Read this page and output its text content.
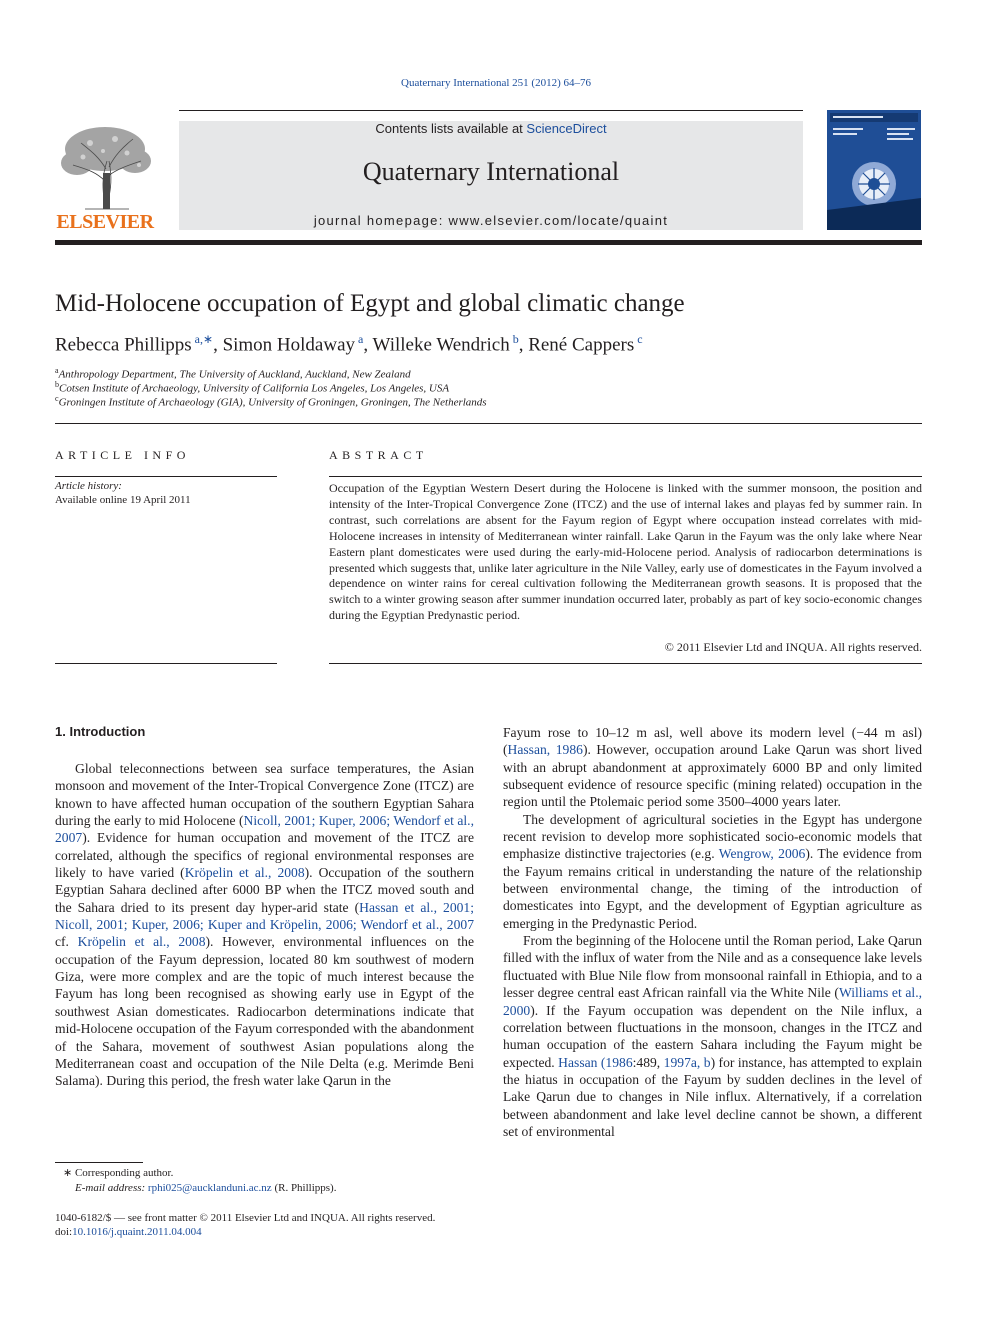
Quaternary International 251 (2012) 64–76
Contents lists available at ScienceDirect
Quaternary International
journal homepage: www.elsevier.com/locate/quaint
ELSEVIER
Mid-Holocene occupation of Egypt and global climatic change
Rebecca Phillipps $^{a,∗}$, Simon Holdaway $^a$, Willeke Wendrich $^b$, René Cappers $^c$
$^a$Anthropology Department, The University of Auckland, Auckland, New Zealand
$^b$Cotsen Institute of Archaeology, University of California Los Angeles, Los Angeles, USA
$^c$Groningen Institute of Archaeology (GIA), University of Groningen, Groningen, The Netherlands
ARTICLE INFO	ABSTRACT
Article history:
Available online 19 April 2011
Occupation of the Egyptian Western Desert during the Holocene is linked with the summer monsoon, the position and intensity of the Inter-Tropical Convergence Zone (ITCZ) and the use of internal lakes and playas fed by summer rain. In contrast, such correlations are absent for the Fayum region of Egypt where occupation instead correlates with mid-Holocene increases in intensity of Mediterranean winter rainfall. Lake Qarun in the Fayum was the only lake where Near Eastern plant domesticates were used during the early-mid-Holocene period. Analysis of radiocarbon determinations is presented which suggests that, unlike later agriculture in the Nile Valley, early use of domesticates in the Fayum involved a dependence on winter rains for cereal cultivation following the Mediterranean growth seasons. It is proposed that the switch to a winter growing season after summer inundation occurred later, probably as part of key socio-economic changes during the Egyptian Predynastic period.
© 2011 Elsevier Ltd and INQUA. All rights reserved.
1. Introduction

Global teleconnections between sea surface temperatures, the Asian monsoon and movement of the Inter-Tropical Convergence Zone (ITCZ) are known to have affected human occupation of the southern Egyptian Sahara during the early to mid Holocene (Nicoll, 2001; Kuper, 2006; Wendorf et al., 2007). Evidence for human occupation and movement of the ITCZ are correlated, although the specifics of regional environmental responses are likely to have varied (Kröpelin et al., 2008). Occupation of the southern Egyptian Sahara declined after 6000 BP when the ITCZ moved south and the Sahara dried to its present day hyper-arid state (Hassan et al., 2001; Nicoll, 2001; Kuper, 2006; Kuper and Kröpelin, 2006; Wendorf et al., 2007 cf. Kröpelin et al., 2008). However, environmental influences on the occupation of the Fayum depression, located 80 km southwest of modern Giza, were more complex and are the topic of much interest because the Fayum has long been recognised as showing early use in Egypt of the southwest Asian domesticates. Radiocarbon determinations indicate that mid-Holocene occupation of the Fayum corresponded with the abandonment of the Sahara, movement of southwest Asian populations along the Mediterranean coast and occupation of the Nile Delta (e.g. Merimde Beni Salama). During this period, the fresh water lake Qarun in the

Fayum rose to 10‒12 m asl, well above its modern level (−44 m asl) (Hassan, 1986). However, occupation around Lake Qarun was short lived with an abrupt abandonment at approximately 6000 BP and only limited subsequent evidence of resource specific (mining related) occupation in the region until the Ptolemaic period some 3500‒4000 years later.

The development of agricultural societies in the Egypt has undergone recent revision to develop more sophisticated socio-economic models that emphasize distinctive trajectories (e.g. Wengrow, 2006). The evidence from the Fayum remains critical in understanding the nature of the relationship between environmental change, the timing of the introduction of domesticates into Egypt, and the development of Egyptian agriculture as emerging in the Predynastic Period.

From the beginning of the Holocene until the Roman period, Lake Qarun filled with the influx of water from the Nile and as a consequence lake levels fluctuated with Blue Nile flow from monsoonal rainfall in Ethiopia, and to a lesser degree central east African rainfall via the White Nile (Williams et al., 2000). If the Fayum occupation was dependent on the Nile influx, a correlation between fluctuations in the monsoon, changes in the ITCZ and human occupation of the eastern Sahara including the Fayum might be expected. Hassan (1986:489, 1997a, b) for instance, has attempted to explain the hiatus in occupation of the Fayum by sudden declines in the level of Lake Qarun due to changes in Nile influx. Alternatively, if a correlation between abandonment and lake level decline cannot be shown, a different set of environmental

∗ Corresponding author.
E-mail address: rphi025@aucklanduni.ac.nz (R. Phillipps).
1040-6182/$ — see front matter © 2011 Elsevier Ltd and INQUA. All rights reserved.
doi:10.1016/j.quaint.2011.04.004
